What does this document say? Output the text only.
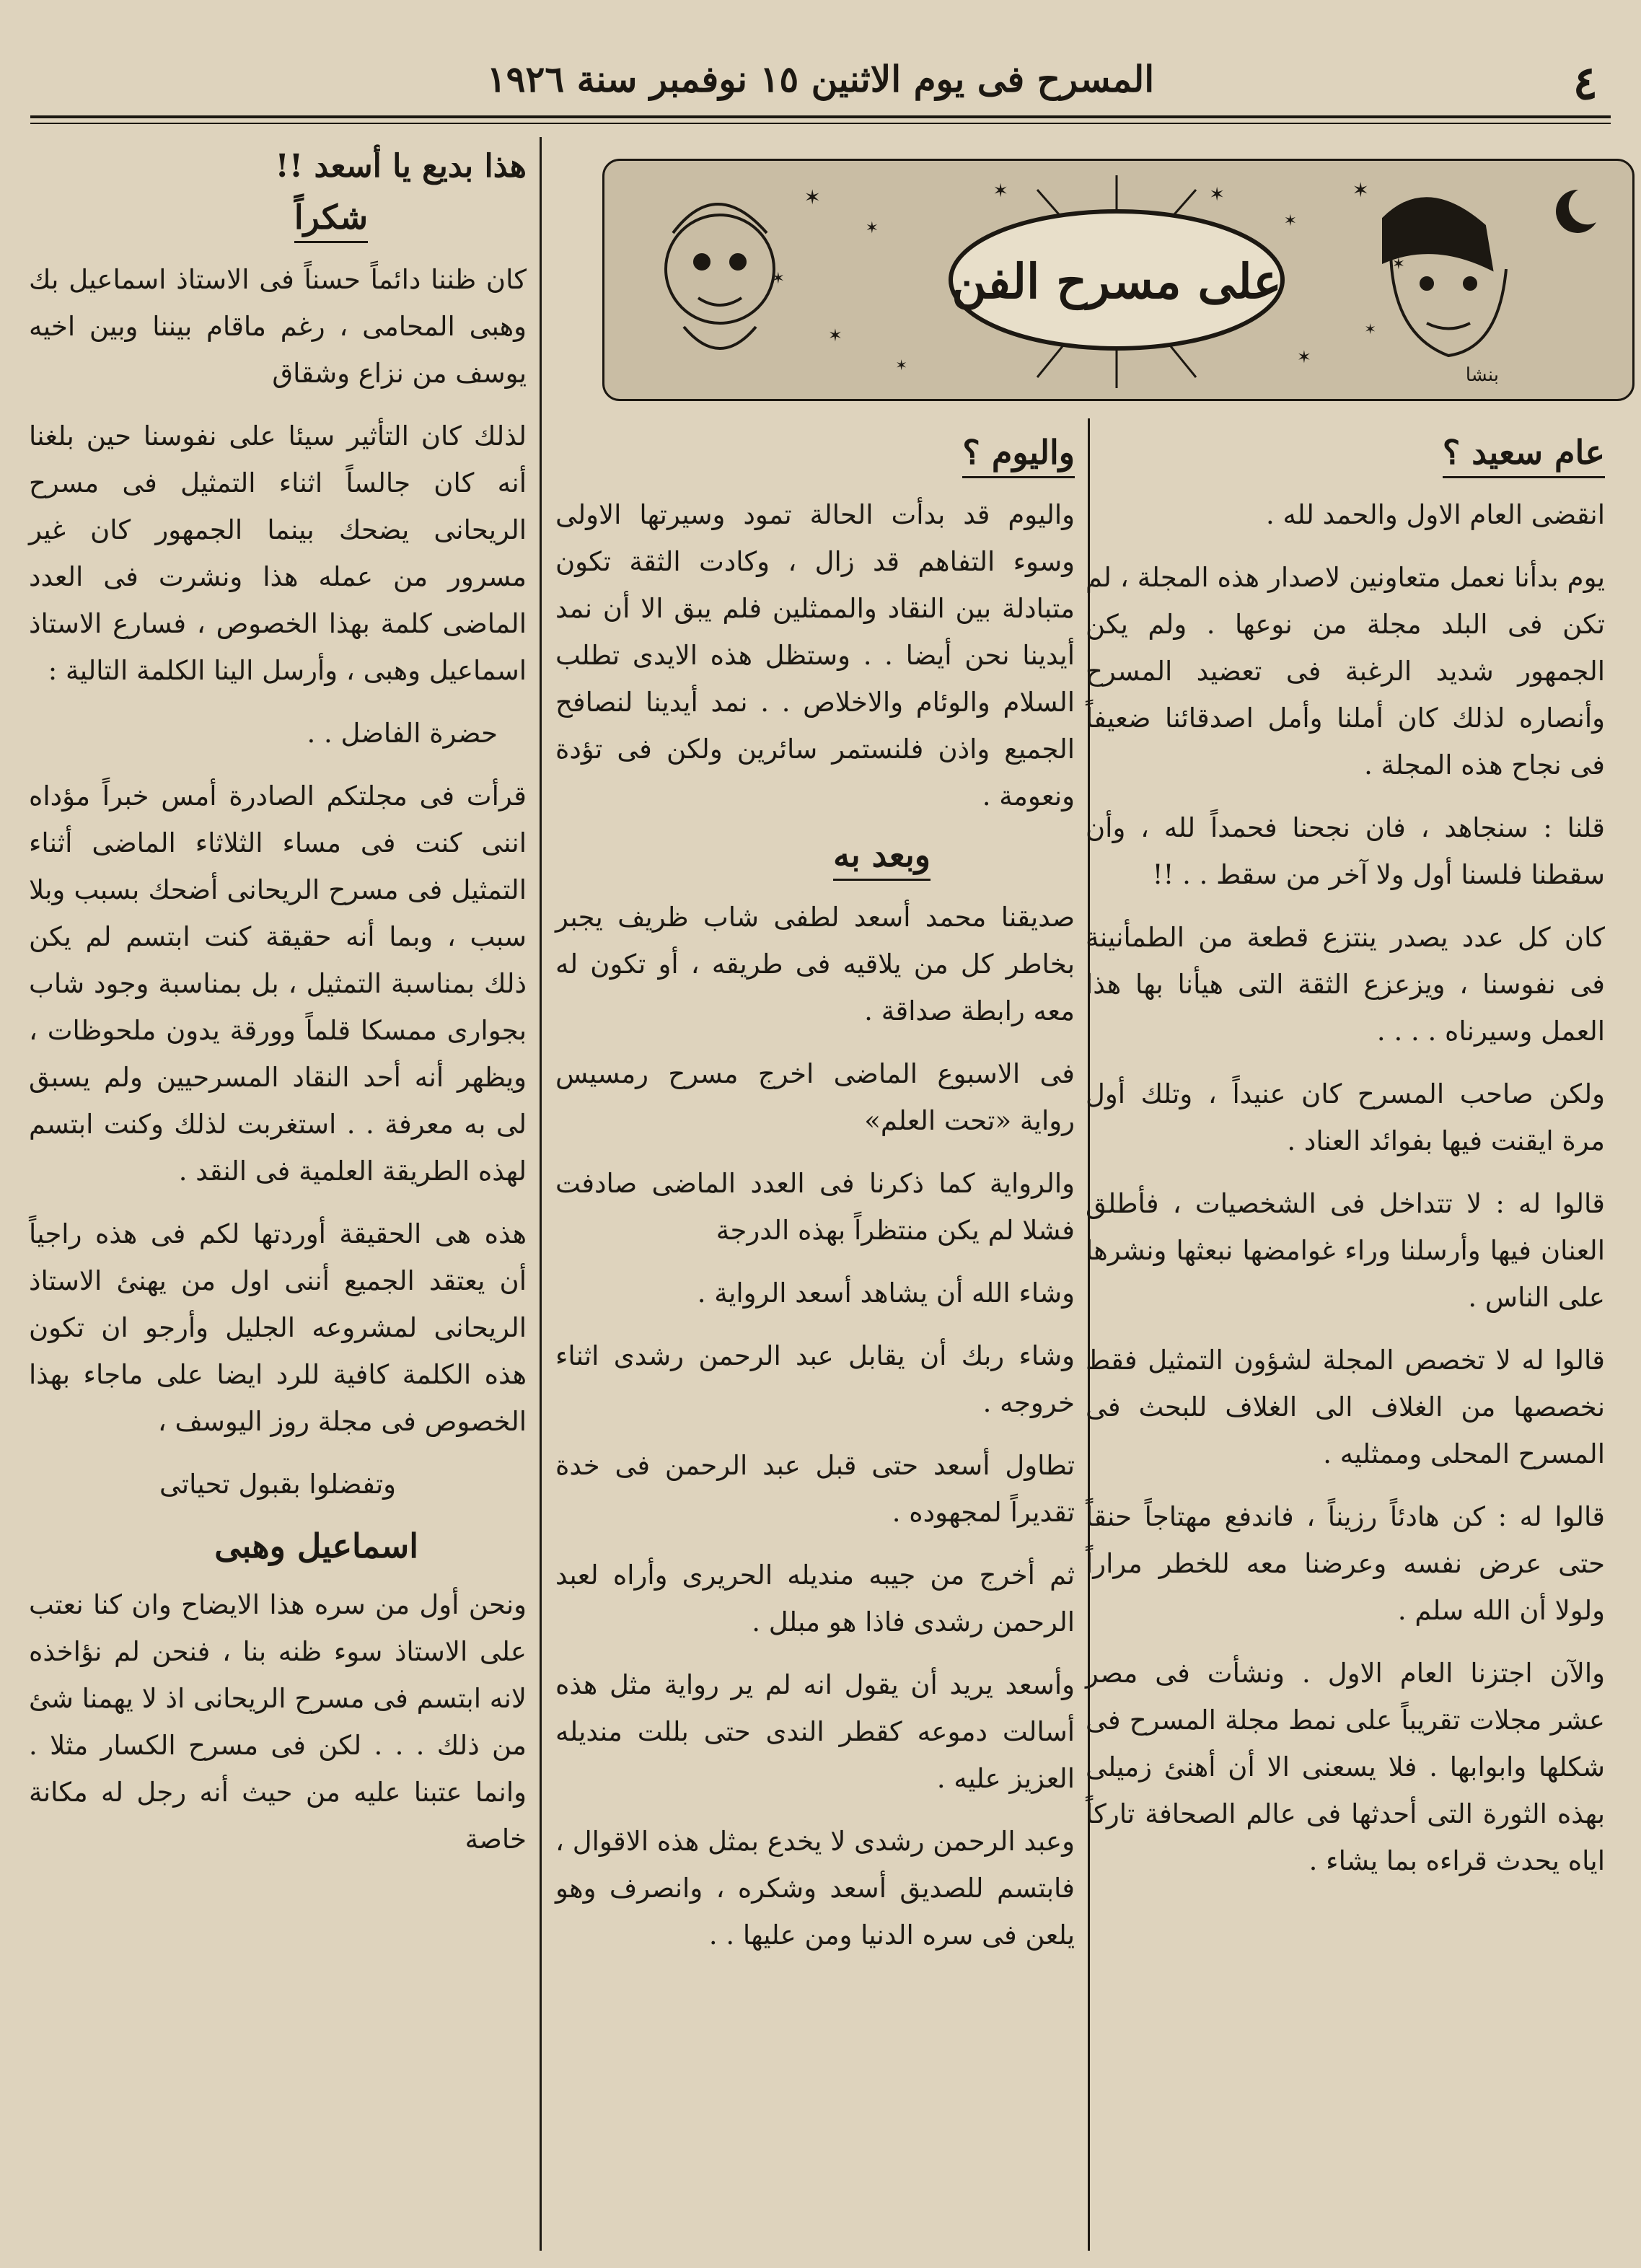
٤
المسرح فى يوم الاثنين ١٥ نوفمبر سنة ١٩٢٦
✶
✶
✶	✶
✶
✶
✶
✶	✶
✶
✶
✶
على مسرح الفن
بنشا
عام سعيد ؟

انقضى العام الاول والحمد لله .

يوم بدأنا نعمل متعاونين لاصدار هذه المجلة ، لم تكن فى البلد مجلة من نوعها . ولم يكن الجمهور شديد الرغبة فى تعضيد المسرح وأنصاره لذلك كان أملنا وأمل اصدقائنا ضعيفاً فى نجاح هذه المجلة .

قلنا : سنجاهد ، فان نجحنا فحمداً لله ، وأن سقطنا فلسنا أول ولا آخر من سقط . . !!

كان كل عدد يصدر ينتزع قطعة من الطمأنينة فى نفوسنا ، ويزعزع الثقة التى هيأنا بها هذا العمل وسيرناه . . . .

ولكن صاحب المسرح كان عنيداً ، وتلك أول مرة ايقنت فيها بفوائد العناد .

قالوا له : لا تتداخل فى الشخصيات ، فأطلق العنان فيها وأرسلنا وراء غوامضها نبعثها ونشرها على الناس .

قالوا له لا تخصص المجلة لشؤون التمثيل فقط نخصصها من الغلاف الى الغلاف للبحث فى المسرح المحلى وممثليه .

قالوا له : كن هادئاً رزيناً ، فاندفع مهتاجاً حنقاً حتى عرض نفسه وعرضنا معه للخطر مراراً ولولا أن الله سلم .

والآن اجتزنا العام الاول . ونشأت فى مصر عشر مجلات تقريباً على نمط مجلة المسرح فى شكلها وابوابها . فلا يسعنى الا أن أهنئ زميلى بهذه الثورة التى أحدثها فى عالم الصحافة تاركاً اياه يحدث قراءه بما يشاء .

واليوم ؟

واليوم قد بدأت الحالة تمود وسيرتها الاولى وسوء التفاهم قد زال ، وكادت الثقة تكون متبادلة بين النقاد والممثلين فلم يبق الا أن نمد أيدينا نحن أيضا . . وستظل هذه الايدى تطلب السلام والوئام والاخلاص . . نمد أيدينا لنصافح الجميع واذن فلنستمر سائرين ولكن فى تؤدة ونعومة .

وبعد به

صديقنا محمد أسعد لطفى شاب ظريف يجبر بخاطر كل من يلاقيه فى طريقه ، أو تكون له معه رابطة صداقة .

فى الاسبوع الماضى اخرج مسرح رمسيس رواية «تحت العلم»

والرواية كما ذكرنا فى العدد الماضى صادفت فشلا لم يكن منتظراً بهذه الدرجة

وشاء الله أن يشاهد أسعد الرواية .

وشاء ربك أن يقابل عبد الرحمن رشدى اثناء خروجه .

تطاول أسعد حتى قبل عبد الرحمن فى خدة تقديراً لمجهوده .

ثم أخرج من جيبه منديله الحريرى وأراه لعبد الرحمن رشدى فاذا هو مبلل .

وأسعد يريد أن يقول انه لم ير رواية مثل هذه أسالت دموعه كقطر الندى حتى بللت منديله العزيز عليه .

وعبد الرحمن رشدى لا يخدع بمثل هذه الاقوال ، فابتسم للصديق أسعد وشكره ، وانصرف وهو يلعن فى سره الدنيا ومن عليها . .

هذا بديع يا أسعد !!
شكراً

كان ظننا دائماً حسناً فى الاستاذ اسماعيل بك وهبى المحامى ، رغم ماقام بيننا وبين اخيه يوسف من نزاع وشقاق

لذلك كان التأثير سيئا على نفوسنا حين بلغنا أنه كان جالساً اثناء التمثيل فى مسرح الريحانى يضحك بينما الجمهور كان غير مسرور من عمله هذا ونشرت فى العدد الماضى كلمة بهذا الخصوص ، فسارع الاستاذ اسماعيل وهبى ، وأرسل الينا الكلمة التالية :

حضرة الفاضل . .

قرأت فى مجلتكم الصادرة أمس خبراً مؤداه اننى كنت فى مساء الثلاثاء الماضى أثناء التمثيل فى مسرح الريحانى أضحك بسبب وبلا سبب ، وبما أنه حقيقة كنت ابتسم لم يكن ذلك بمناسبة التمثيل ، بل بمناسبة وجود شاب بجوارى ممسكا قلماً وورقة يدون ملحوظات ، ويظهر أنه أحد النقاد المسرحيين ولم يسبق لى به معرفة . . استغربت لذلك وكنت ابتسم لهذه الطريقة العلمية فى النقد .

هذه هى الحقيقة أوردتها لكم فى هذه راجياً أن يعتقد الجميع أننى اول من يهنئ الاستاذ الريحانى لمشروعه الجليل وأرجو ان تكون هذه الكلمة كافية للرد ايضا على ماجاء بهذا الخصوص فى مجلة روز اليوسف ،

وتفضلوا بقبول تحياتى

اسماعيل وهبى

ونحن أول من سره هذا الايضاح وان كنا نعتب على الاستاذ سوء ظنه بنا ، فنحن لم نؤاخذه لانه ابتسم فى مسرح الريحانى اذ لا يهمنا شئ من ذلك . . . لكن فى مسرح الكسار مثلا . وانما عتبنا عليه من حيث أنه رجل له مكانة خاصة
